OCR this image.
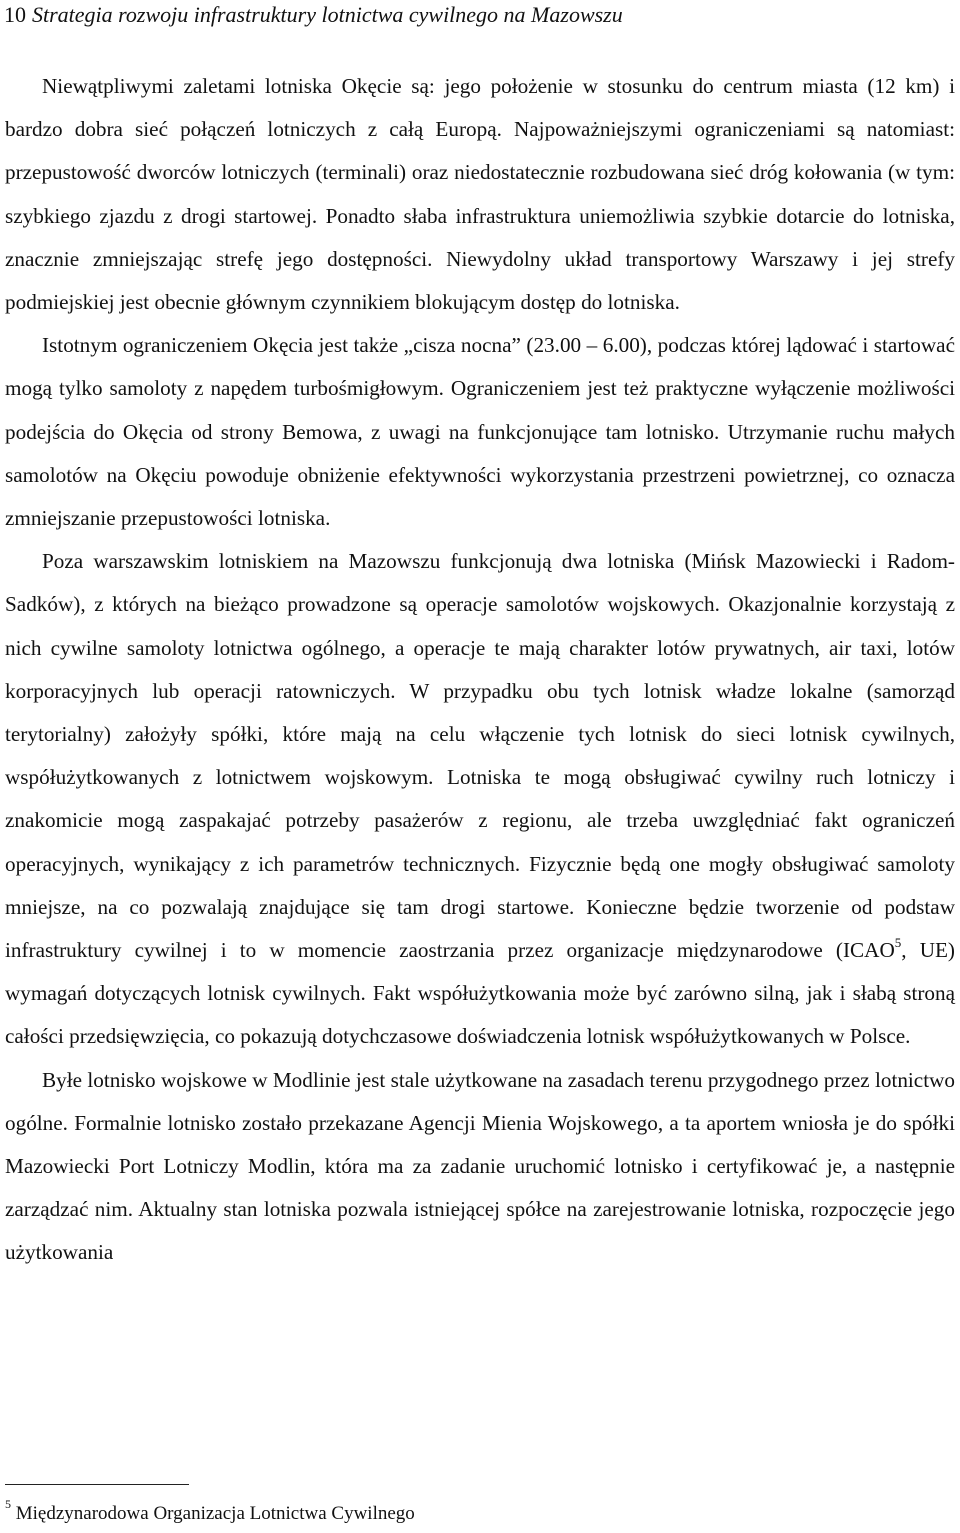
10 Strategia rozwoju infrastruktury lotnictwa cywilnego na Mazowszu

Niewątpliwymi zaletami lotniska Okęcie są: jego położenie w stosunku do centrum miasta (12 km) i bardzo dobra sieć połączeń lotniczych z całą Europą. Najpoważniejszymi ograniczeniami są natomiast: przepustowość dworców lotniczych (terminali) oraz niedostatecznie rozbudowana sieć dróg kołowania (w tym: szybkiego zjazdu z drogi startowej. Ponadto słaba infrastruktura uniemożliwia szybkie dotarcie do lotniska, znacznie zmniejszając strefę jego dostępności. Niewydolny układ transportowy Warszawy i jej strefy podmiejskiej jest obecnie głównym czynnikiem blokującym dostęp do lotniska.

Istotnym ograniczeniem Okęcia jest także „cisza nocna” (23.00 – 6.00), podczas której lądować i startować mogą tylko samoloty z napędem turbośmigłowym. Ograniczeniem jest też praktyczne wyłączenie możliwości podejścia do Okęcia od strony Bemowa, z uwagi na funkcjonujące tam lotnisko. Utrzymanie ruchu małych samolotów na Okęciu powoduje obniżenie efektywności wykorzystania przestrzeni powietrznej, co oznacza zmniejszanie przepustowości lotniska.

Poza warszawskim lotniskiem na Mazowszu funkcjonują dwa lotniska (Mińsk Mazowiecki i Radom-Sadków), z których na bieżąco prowadzone są operacje samolotów wojskowych. Okazjonalnie korzystają z nich cywilne samoloty lotnictwa ogólnego, a operacje te mają charakter lotów prywatnych, air taxi, lotów korporacyjnych lub operacji ratowniczych. W przypadku obu tych lotnisk władze lokalne (samorząd terytorialny) założyły spółki, które mają na celu włączenie tych lotnisk do sieci lotnisk cywilnych, współużytkowanych z lotnictwem wojskowym. Lotniska te mogą obsługiwać cywilny ruch lotniczy i znakomicie mogą zaspakajać potrzeby pasażerów z regionu, ale trzeba uwzględniać fakt ograniczeń operacyjnych, wynikający z ich parametrów technicznych. Fizycznie będą one mogły obsługiwać samoloty mniejsze, na co pozwalają znajdujące się tam drogi startowe. Konieczne będzie tworzenie od podstaw infrastruktury cywilnej i to w momencie zaostrzania przez organizacje międzynarodowe (ICAO$^5$, UE) wymagań dotyczących lotnisk cywilnych. Fakt współużytkowania może być zarówno silną, jak i słabą stroną całości przedsięwzięcia, co pokazują dotychczasowe doświadczenia lotnisk współużytkowanych w Polsce.

Byłe lotnisko wojskowe w Modlinie jest stale użytkowane na zasadach terenu przygodnego przez lotnictwo ogólne. Formalnie lotnisko zostało przekazane Agencji Mienia Wojskowego, a ta aportem wniosła je do spółki Mazowiecki Port Lotniczy Modlin, która ma za zadanie uruchomić lotnisko i certyfikować je, a następnie zarządzać nim. Aktualny stan lotniska pozwala istniejącej spółce na zarejestrowanie lotniska, rozpoczęcie jego użytkowania

$^5$ Międzynarodowa Organizacja Lotnictwa Cywilnego
